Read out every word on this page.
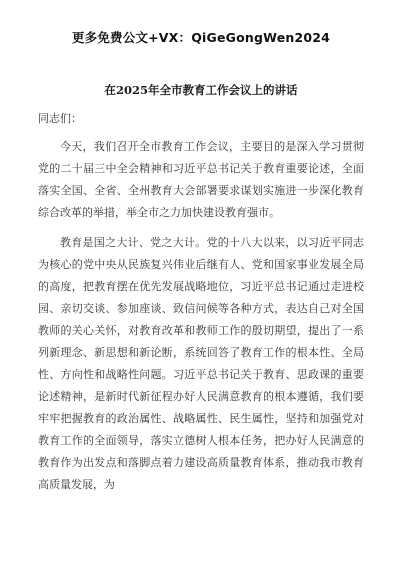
更多免费公文+VX：QiGeGongWen2024
在2025年全市教育工作会议上的讲话
同志们：

今天，我们召开全市教育工作会议，主要目的是深入学习贯彻党的二十届三中全会精神和习近平总书记关于教育重要论述，全面落实全国、全省、全州教育大会部署要求谋划实施进一步深化教育综合改革的举措，举全市之力加快建设教育强市。

教育是国之大计、党之大计。党的十八大以来，以习近平同志为核心的党中央从民族复兴伟业后继有人、党和国家事业发展全局的高度，把教育摆在优先发展战略地位，习近平总书记通过走进校园、亲切交谈、参加座谈、致信问候等各种方式，表达自己对全国教师的关心关怀，对教育改革和教师工作的殷切期望，提出了一系列新理念、新思想和新论断，系统回答了教育工作的根本性、全局性、方向性和战略性问题。习近平总书记关于教育、思政课的重要论述精神，是新时代新征程办好人民满意教育的根本遵循，我们要牢牢把握教育的政治属性、战略属性、民生属性，坚持和加强党对教育工作的全面领导，落实立德树人根本任务，把办好人民满意的教育作为出发点和落脚点着力建设高质量教育体系，推动我市教育高质量发展，为
